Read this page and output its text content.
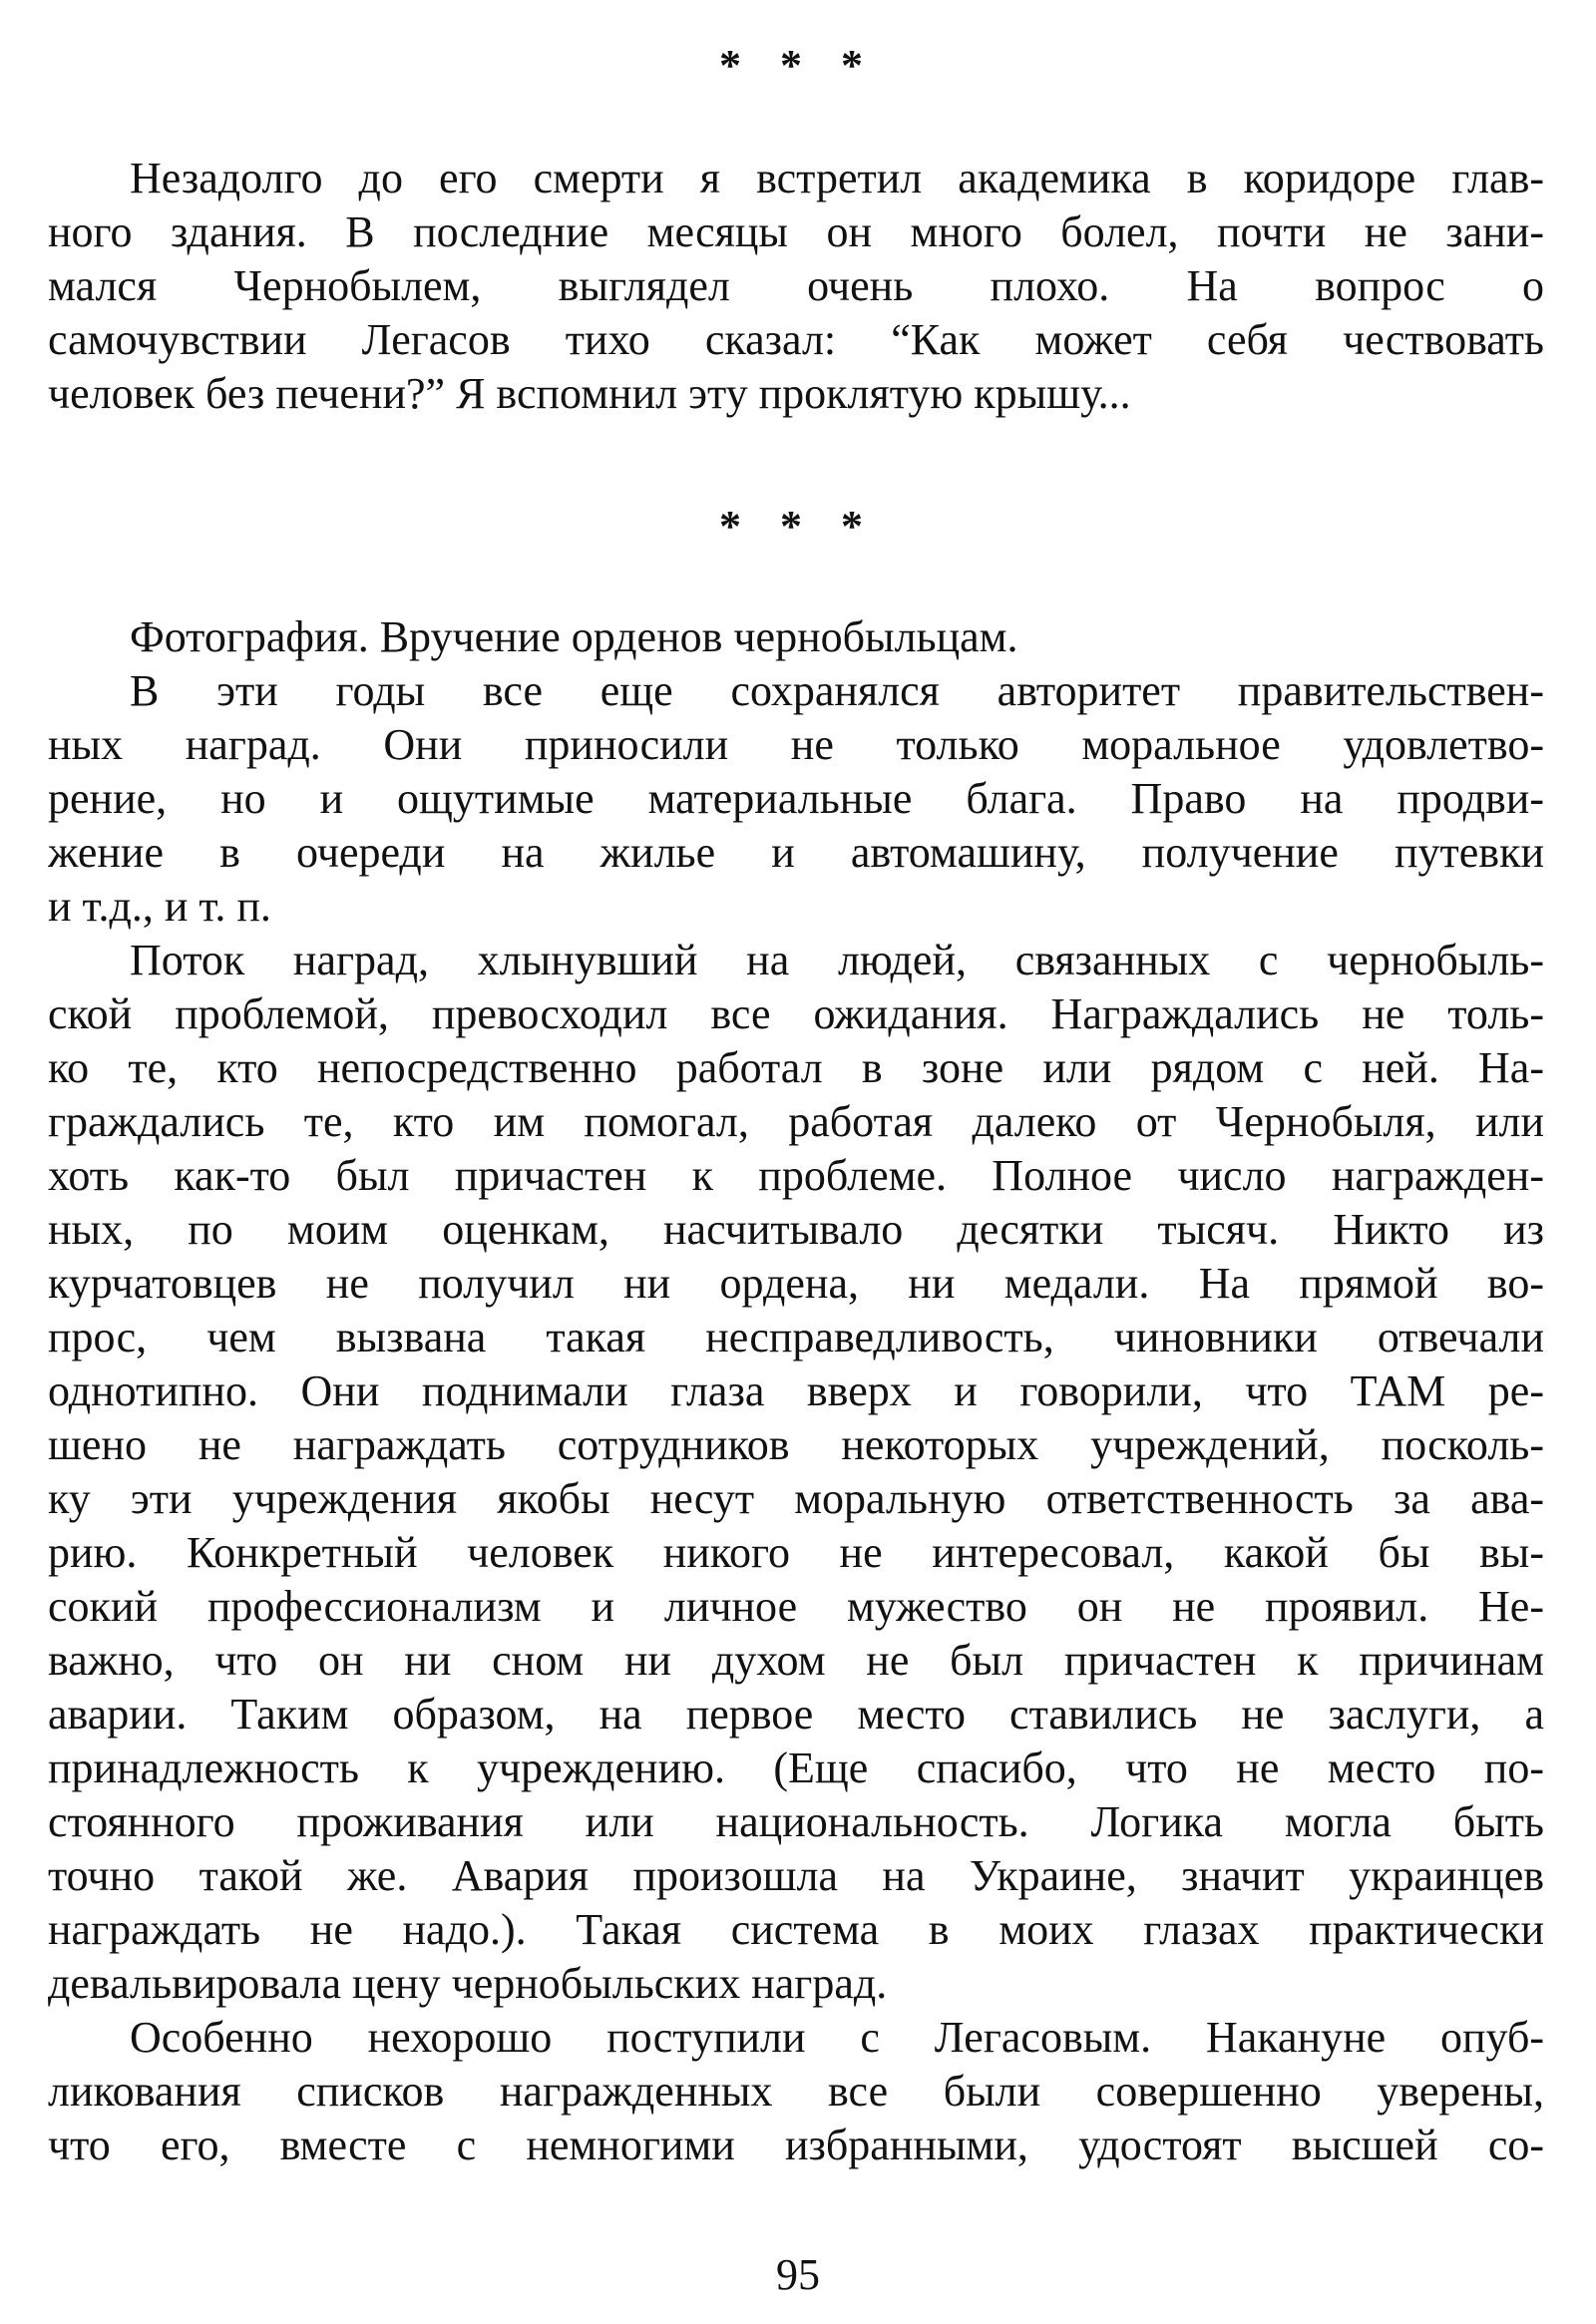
* * *
Незадолго до его смерти я встретил академика в коридоре глав-
ного здания. В последние месяцы он много болел, почти не зани-
мался Чернобылем, выглядел очень плохо. На вопрос о
самочувствии Легасов тихо сказал: “Как может себя чествовать
человек без печени?” Я вспомнил эту проклятую крышу...
* * *
Фотография. Вручение орденов чернобыльцам.
В эти годы все еще сохранялся авторитет правительствен-
ных наград. Они приносили не только моральное удовлетво-
рение, но и ощутимые материальные блага. Право на продви-
жение в очереди на жилье и автомашину, получение путевки
и т.д., и т. п.
Поток наград, хлынувший на людей, связанных с чернобыль-
ской проблемой, превосходил все ожидания. Награждались не толь-
ко те, кто непосредственно работал в зоне или рядом с ней. На-
граждались те, кто им помогал, работая далеко от Чернобыля, или
хоть как-то был причастен к проблеме. Полное число награжден-
ных, по моим оценкам, насчитывало десятки тысяч. Никто из
курчатовцев не получил ни ордена, ни медали. На прямой во-
прос, чем вызвана такая несправедливость, чиновники отвечали
однотипно. Они поднимали глаза вверх и говорили, что ТАМ ре-
шено не награждать сотрудников некоторых учреждений, посколь-
ку эти учреждения якобы несут моральную ответственность за ава-
рию. Конкретный человек никого не интересовал, какой бы вы-
сокий профессионализм и личное мужество он не проявил. Не-
важно, что он ни сном ни духом не был причастен к причинам
аварии. Таким образом, на первое место ставились не заслуги, а
принадлежность к учреждению. (Еще спасибо, что не место по-
стоянного проживания или национальность. Логика могла быть
точно такой же. Авария произошла на Украине, значит украинцев
награждать не надо.). Такая система в моих глазах практически
девальвировала цену чернобыльских наград.
Особенно нехорошо поступили с Легасовым. Накануне опуб-
ликования списков награжденных все были совершенно уверены,
что его, вместе с немногими избранными, удостоят высшей со-
95
